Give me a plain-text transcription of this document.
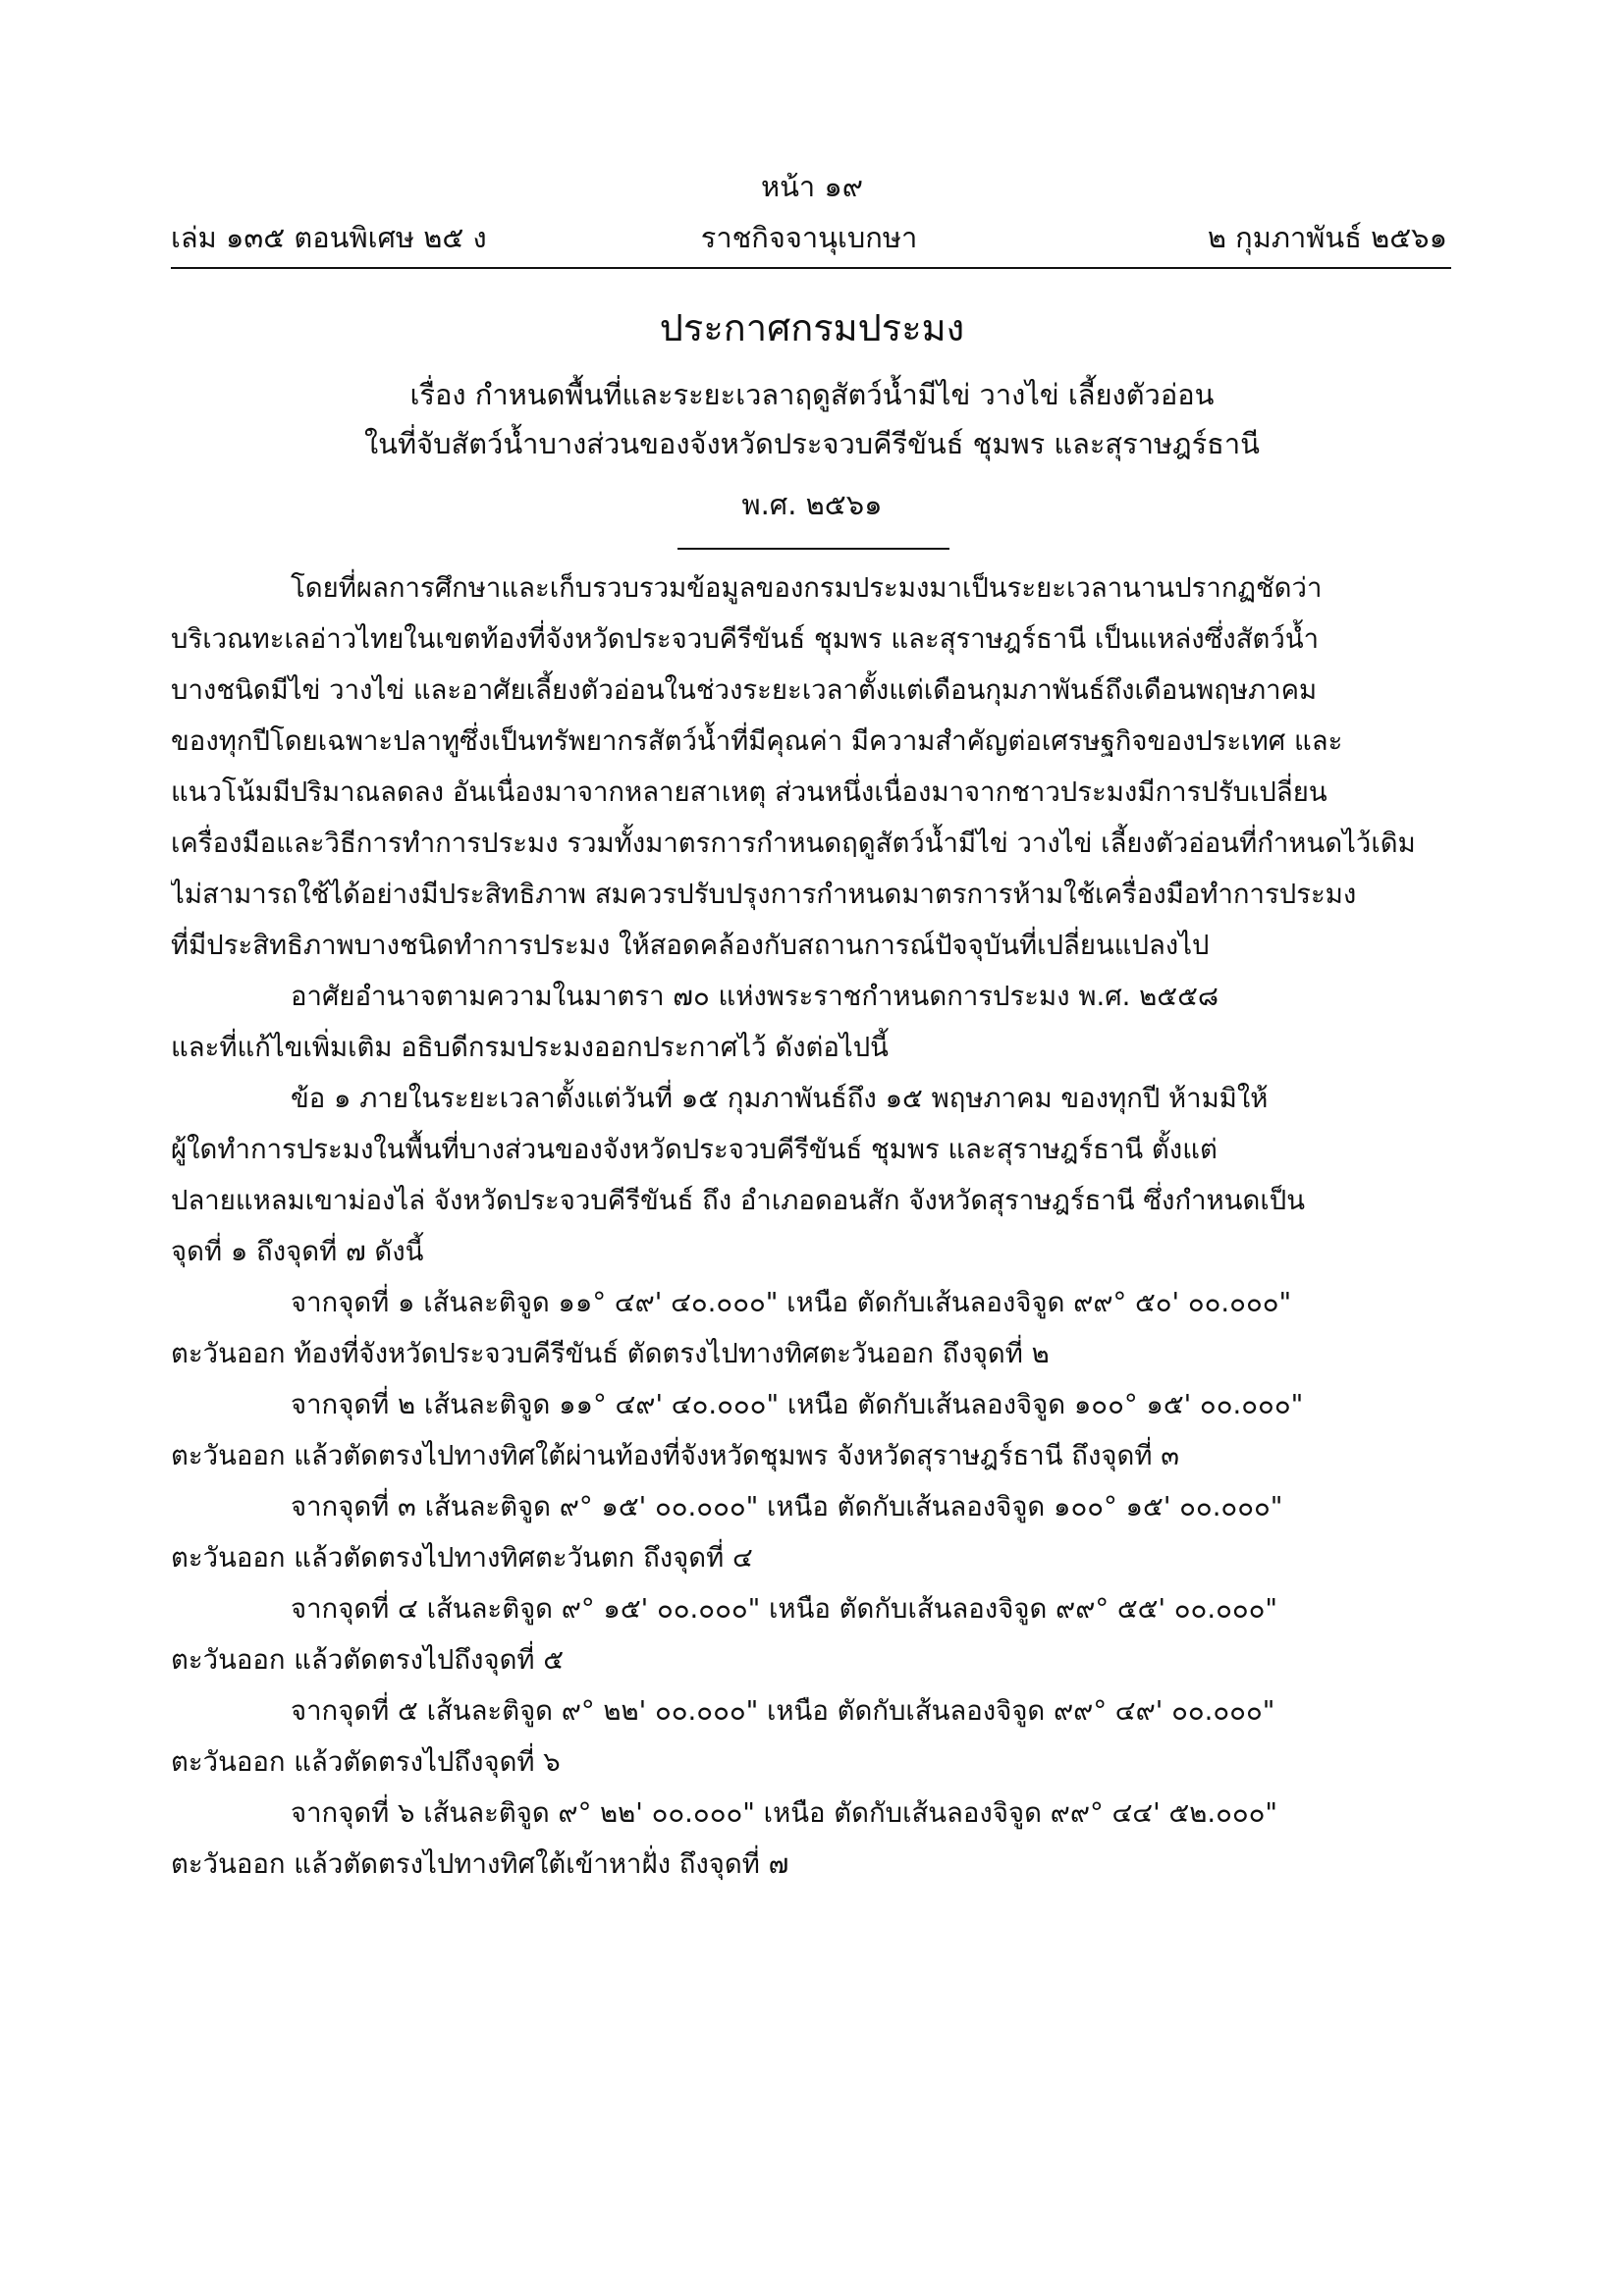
หน้า ๑๙
ราชกิจจานุเบกษา
เล่ม ๑๓๕ ตอนพิเศษ ๒๕ ง	๒ กุมภาพันธ์ ๒๕๖๑
ประกาศกรมประมง
เรื่อง กำหนดพื้นที่และระยะเวลาฤดูสัตว์น้ำมีไข่ วางไข่ เลี้ยงตัวอ่อน
ในที่จับสัตว์น้ำบางส่วนของจังหวัดประจวบคีรีขันธ์ ชุมพร และสุราษฎร์ธานี
พ.ศ. ๒๕๖๑
โดยที่ผลการศึกษาและเก็บรวบรวมข้อมูลของกรมประมงมาเป็นระยะเวลานานปรากฏชัดว่า
บริเวณทะเลอ่าวไทยในเขตท้องที่จังหวัดประจวบคีรีขันธ์ ชุมพร และสุราษฎร์ธานี เป็นแหล่งซึ่งสัตว์น้ำ
บางชนิดมีไข่ วางไข่ และอาศัยเลี้ยงตัวอ่อนในช่วงระยะเวลาตั้งแต่เดือนกุมภาพันธ์ถึงเดือนพฤษภาคม
ของทุกปีโดยเฉพาะปลาทูซึ่งเป็นทรัพยากรสัตว์น้ำที่มีคุณค่า มีความสำคัญต่อเศรษฐกิจของประเทศ และ
แนวโน้มมีปริมาณลดลง อันเนื่องมาจากหลายสาเหตุ ส่วนหนึ่งเนื่องมาจากชาวประมงมีการปรับเปลี่ยน
เครื่องมือและวิธีการทำการประมง รวมทั้งมาตรการกำหนดฤดูสัตว์น้ำมีไข่ วางไข่ เลี้ยงตัวอ่อนที่กำหนดไว้เดิม
ไม่สามารถใช้ได้อย่างมีประสิทธิภาพ สมควรปรับปรุงการกำหนดมาตรการห้ามใช้เครื่องมือทำการประมง
ที่มีประสิทธิภาพบางชนิดทำการประมง ให้สอดคล้องกับสถานการณ์ปัจจุบันที่เปลี่ยนแปลงไป
อาศัยอำนาจตามความในมาตรา ๗๐ แห่งพระราชกำหนดการประมง พ.ศ. ๒๕๕๘
และที่แก้ไขเพิ่มเติม อธิบดีกรมประมงออกประกาศไว้ ดังต่อไปนี้
ข้อ ๑ ภายในระยะเวลาตั้งแต่วันที่ ๑๕ กุมภาพันธ์ถึง ๑๕ พฤษภาคม ของทุกปี ห้ามมิให้
ผู้ใดทำการประมงในพื้นที่บางส่วนของจังหวัดประจวบคีรีขันธ์ ชุมพร และสุราษฎร์ธานี ตั้งแต่
ปลายแหลมเขาม่องไล่ จังหวัดประจวบคีรีขันธ์ ถึง อำเภอดอนสัก จังหวัดสุราษฎร์ธานี ซึ่งกำหนดเป็น
จุดที่ ๑ ถึงจุดที่ ๗ ดังนี้
จากจุดที่ ๑ เส้นละติจูด ๑๑° ๔๙' ๔๐.๐๐๐" เหนือ ตัดกับเส้นลองจิจูด ๙๙° ๕๐' ๐๐.๐๐๐"
ตะวันออก ท้องที่จังหวัดประจวบคีรีขันธ์ ตัดตรงไปทางทิศตะวันออก ถึงจุดที่ ๒
จากจุดที่ ๒ เส้นละติจูด ๑๑° ๔๙' ๔๐.๐๐๐" เหนือ ตัดกับเส้นลองจิจูด ๑๐๐° ๑๕' ๐๐.๐๐๐"
ตะวันออก แล้วตัดตรงไปทางทิศใต้ผ่านท้องที่จังหวัดชุมพร จังหวัดสุราษฎร์ธานี ถึงจุดที่ ๓
จากจุดที่ ๓ เส้นละติจูด ๙° ๑๕' ๐๐.๐๐๐" เหนือ ตัดกับเส้นลองจิจูด ๑๐๐° ๑๕' ๐๐.๐๐๐"
ตะวันออก แล้วตัดตรงไปทางทิศตะวันตก ถึงจุดที่ ๔
จากจุดที่ ๔ เส้นละติจูด ๙° ๑๕' ๐๐.๐๐๐" เหนือ ตัดกับเส้นลองจิจูด ๙๙° ๕๕' ๐๐.๐๐๐"
ตะวันออก แล้วตัดตรงไปถึงจุดที่ ๕
จากจุดที่ ๕ เส้นละติจูด ๙° ๒๒' ๐๐.๐๐๐" เหนือ ตัดกับเส้นลองจิจูด ๙๙° ๔๙' ๐๐.๐๐๐"
ตะวันออก แล้วตัดตรงไปถึงจุดที่ ๖
จากจุดที่ ๖ เส้นละติจูด ๙° ๒๒' ๐๐.๐๐๐" เหนือ ตัดกับเส้นลองจิจูด ๙๙° ๔๔' ๕๒.๐๐๐"
ตะวันออก แล้วตัดตรงไปทางทิศใต้เข้าหาฝั่ง ถึงจุดที่ ๗
